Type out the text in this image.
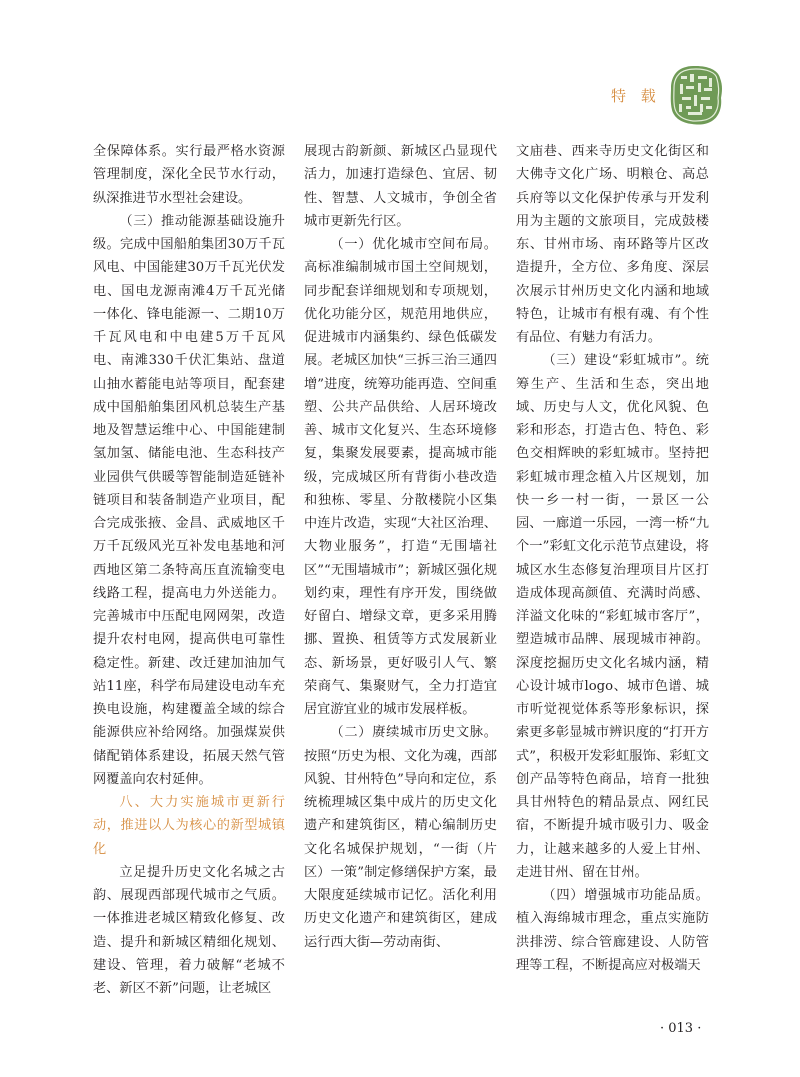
特 载

全保障体系。实行最严格水资源管理制度，深化全民节水行动，纵深推进节水型社会建设。

（三）推动能源基础设施升级。完成中国船舶集团30万千瓦风电、中国能建30万千瓦光伏发电、国电龙源南滩4万千瓦光储一体化、锋电能源一、二期10万千瓦风电和中电建5万千瓦风电、南滩330千伏汇集站、盘道山抽水蓄能电站等项目，配套建成中国船舶集团风机总装生产基地及智慧运维中心、中国能建制氢加氢、储能电池、生态科技产业园供气供暖等智能制造延链补链项目和装备制造产业项目，配合完成张掖、金昌、武威地区千万千瓦级风光互补发电基地和河西地区第二条特高压直流输变电线路工程，提高电力外送能力。完善城市中压配电网网架，改造提升农村电网，提高供电可靠性稳定性。新建、改迁建加油加气站11座，科学布局建设电动车充换电设施，构建覆盖全域的综合能源供应补给网络。加强煤炭供储配销体系建设，拓展天然气管网覆盖向农村延伸。

八、大力实施城市更新行动，推进以人为核心的新型城镇化

立足提升历史文化名城之古韵、展现西部现代城市之气质。一体推进老城区精致化修复、改造、提升和新城区精细化规划、建设、管理，着力破解“老城不老、新区不新”问题，让老城区

展现古韵新颜、新城区凸显现代活力，加速打造绿色、宜居、韧性、智慧、人文城市，争创全省城市更新先行区。

（一）优化城市空间布局。高标准编制城市国土空间规划，同步配套详细规划和专项规划，优化功能分区，规范用地供应，促进城市内涵集约、绿色低碳发展。老城区加快“三拆三治三通四增”进度，统筹功能再造、空间重塑、公共产品供给、人居环境改善、城市文化复兴、生态环境修复，集聚发展要素，提高城市能级，完成城区所有背街小巷改造和独栋、零星、分散楼院小区集中连片改造，实现“大社区治理、大物业服务”，打造“无围墙社区”“无围墙城市”；新城区强化规划约束，理性有序开发，围绕做好留白、增绿文章，更多采用腾挪、置换、租赁等方式发展新业态、新场景，更好吸引人气、繁荣商气、集聚财气，全力打造宜居宜游宜业的城市发展样板。

（二）赓续城市历史文脉。按照“历史为根、文化为魂，西部风貌、甘州特色”导向和定位，系统梳理城区集中成片的历史文化遗产和建筑街区，精心编制历史文化名城保护规划，“一街（片区）一策”制定修缮保护方案，最大限度延续城市记忆。活化利用历史文化遗产和建筑街区，建成运行西大街—劳动南街、

文庙巷、西来寺历史文化街区和大佛寺文化广场、明粮仓、高总兵府等以文化保护传承与开发利用为主题的文旅项目，完成鼓楼东、甘州市场、南环路等片区改造提升，全方位、多角度、深层次展示甘州历史文化内涵和地域特色，让城市有根有魂、有个性有品位、有魅力有活力。

（三）建设“彩虹城市”。统筹生产、生活和生态，突出地域、历史与人文，优化风貌、色彩和形态，打造古色、特色、彩色交相辉映的彩虹城市。坚持把彩虹城市理念植入片区规划，加快一乡一村一街，一景区一公园、一廊道一乐园，一湾一桥“九个一”彩虹文化示范节点建设，将城区水生态修复治理项目片区打造成体现高颜值、充满时尚感、洋溢文化味的“彩虹城市客厅”，塑造城市品牌、展现城市神韵。深度挖掘历史文化名城内涵，精心设计城市logo、城市色谱、城市听觉视觉体系等形象标识，探索更多彰显城市辨识度的“打开方式”，积极开发彩虹服饰、彩虹文创产品等特色商品，培育一批独具甘州特色的精品景点、网红民宿，不断提升城市吸引力、吸金力，让越来越多的人爱上甘州、走进甘州、留在甘州。

（四）增强城市功能品质。植入海绵城市理念，重点实施防洪排涝、综合管廊建设、人防管理等工程，不断提高应对极端天

· 013 ·
